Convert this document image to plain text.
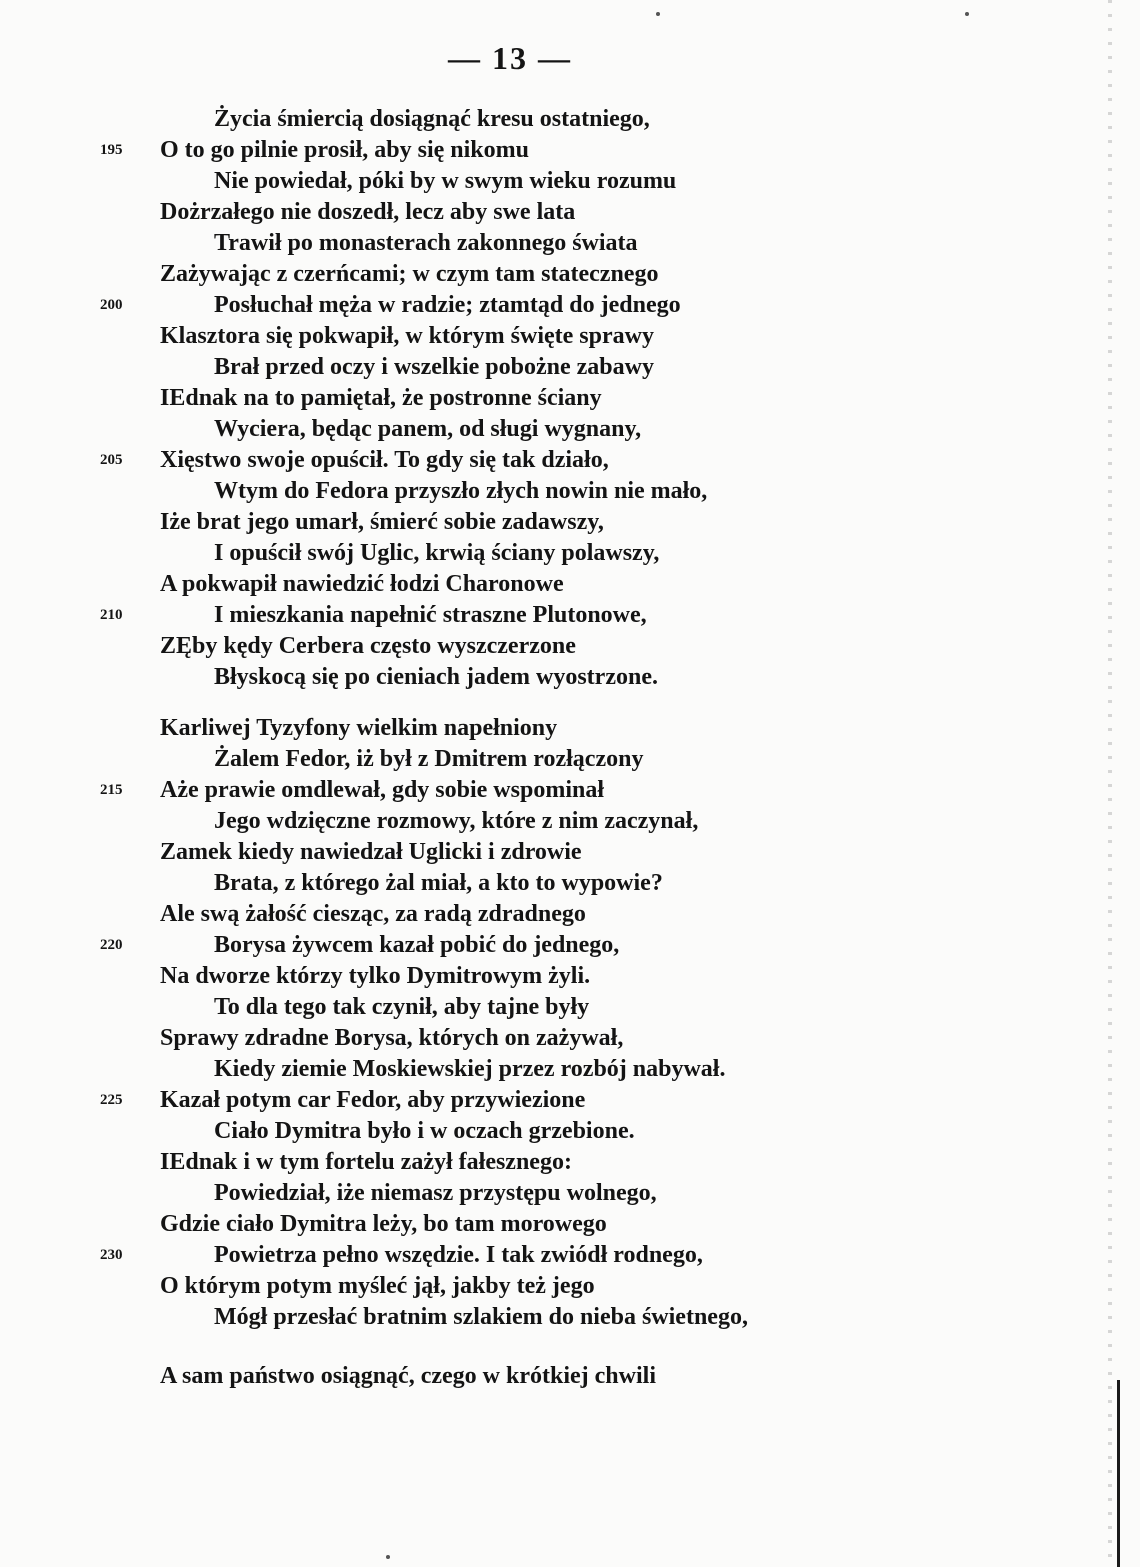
— 13 —
Życia śmiercią dosiągnąć kresu ostatniego,
195 O to go pilnie prosił, aby się nikomu
Nie powiedał, póki by w swym wieku rozumu
Dożrzałego nie doszedł, lecz aby swe lata
Trawił po monasterach zakonnego świata
Zażywając z czerńcami; w czym tam statecznego
200	Posłuchał męża w radzie; ztamtąd do jednego
Klasztora się pokwapił, w którym święte sprawy
Brał przed oczy i wszelkie pobożne zabawy
IEdnak na to pamiętał, że postronne ściany
Wyciera, będąc panem, od sługi wygnany,
205 Xięstwo swoje opuścił. To gdy się tak działo,
Wtym do Fedora przyszło złych nowin nie mało,
Iże brat jego umarł, śmierć sobie zadawszy,
I opuścił swój Uglic, krwią ściany polawszy,
A pokwapił nawiedzić łodzi Charonowe
210	I mieszkania napełnić straszne Plutonowe,
ZĘby kędy Cerbera często wyszczerzone
Błyskocą się po cieniach jadem wyostrzone.
Karliwej Tyzyfony wielkim napełniony
Żalem Fedor, iż był z Dmitrem rozłączony
215 Aże prawie omdlewał, gdy sobie wspominał
Jego wdzięczne rozmowy, które z nim zaczynał,
Zamek kiedy nawiedzał Uglicki i zdrowie
Brata, z którego żal miał, a kto to wypowie?
Ale swą żałość ciesząc, za radą zdradnego
220	Borysa żywcem kazał pobić do jednego,
Na dworze którzy tylko Dymitrowym żyli.
To dla tego tak czynił, aby tajne były
Sprawy zdradne Borysa, których on zażywał,
Kiedy ziemie Moskiewskiej przez rozbój nabywał.
225 Kazał potym car Fedor, aby przywiezione
Ciało Dymitra było i w oczach grzebione.
IEdnak i w tym fortelu zażył fałesznego:
Powiedział, iże niemasz przystępu wolnego,
Gdzie ciało Dymitra leży, bo tam morowego
230	Powietrza pełno wszędzie. I tak zwiódł rodnego,
O którym potym myśleć jął, jakby też jego
Mógł przesłać bratnim szlakiem do nieba świetnego,
A sam państwo osiągnąć, czego w krótkiej chwili
